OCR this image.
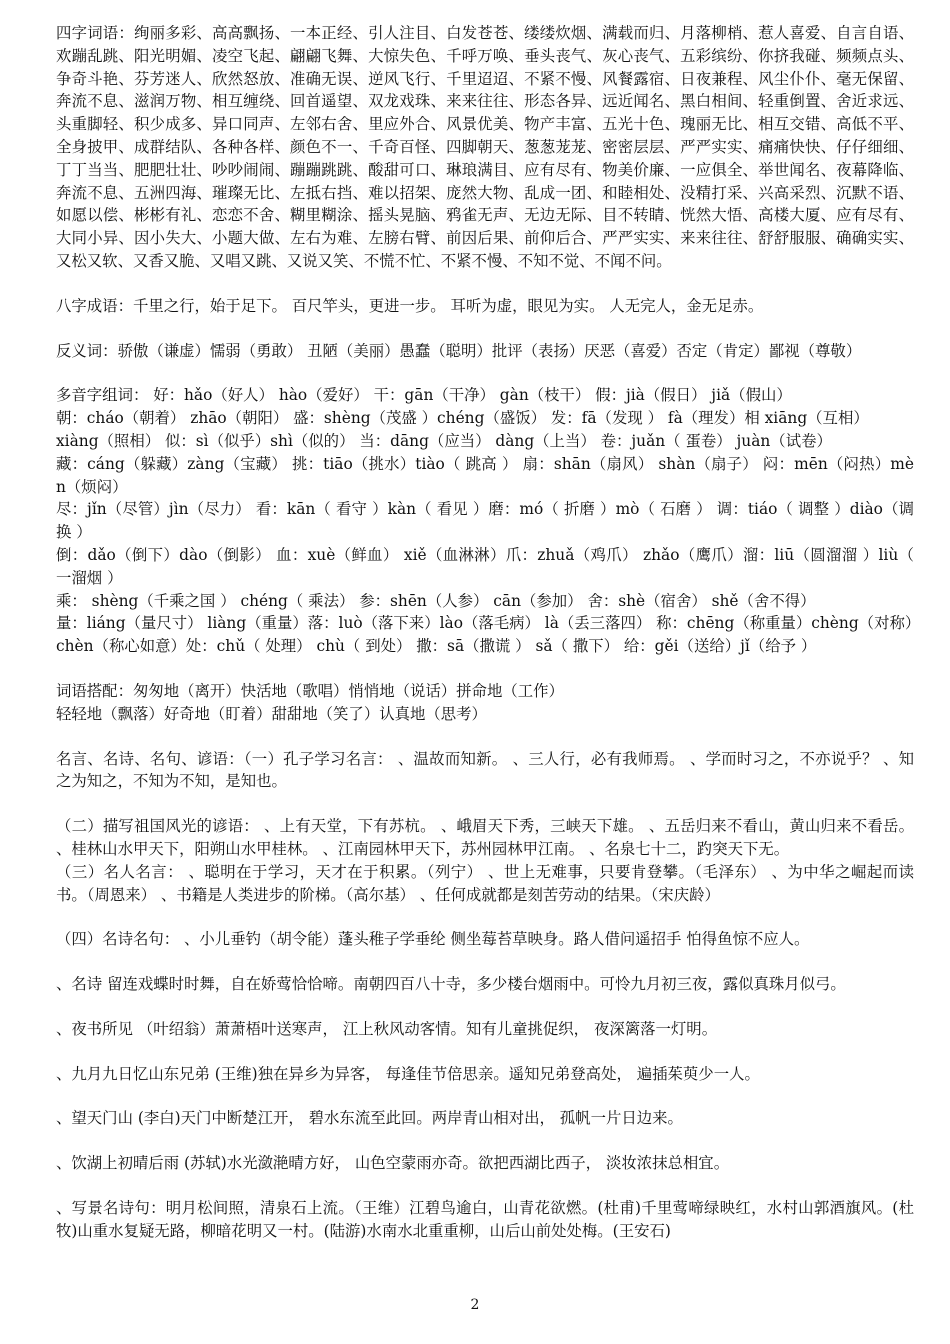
四字词语：绚丽多彩、高高飘扬、一本正经、引人注目、白发苍苍、缕缕炊烟、满载而归、月落柳梢、惹人喜爱、自言自语、欢蹦乱跳、阳光明媚、凌空飞起、翩翩飞舞、大惊失色、千呼万唤、垂头丧气、灰心丧气、五彩缤纷、你挤我碰、频频点头、争奇斗艳、芬芳迷人、欣然怒放、准确无误、逆风飞行、千里迢迢、不紧不慢、风餐露宿、日夜兼程、风尘仆仆、毫无保留、奔流不息、滋润万物、相互缠绕、回首遥望、双龙戏珠、来来往往、形态各异、远近闻名、黑白相间、轻重倒置、舍近求远、头重脚轻、积少成多、异口同声、左邻右舍、里应外合、风景优美、物产丰富、五光十色、瑰丽无比、相互交错、高低不平、全身披甲、成群结队、各种各样、颜色不一、千奇百怪、四脚朝天、葱葱茏茏、密密层层、严严实实、痛痛快快、仔仔细细、丁丁当当、肥肥壮壮、吵吵闹闹、蹦蹦跳跳、酸甜可口、琳琅满目、应有尽有、物美价廉、一应俱全、举世闻名、夜幕降临、奔流不息、五洲四海、璀璨无比、左抵右挡、难以招架、庞然大物、乱成一团、和睦相处、没精打采、兴高采烈、沉默不语、如愿以偿、彬彬有礼、恋恋不舍、糊里糊涂、摇头晃脑、鸦雀无声、无边无际、目不转睛、恍然大悟、高楼大厦、应有尽有、大同小异、因小失大、小题大做、左右为难、左膀右臂、前因后果、前仰后合、严严实实、来来往往、舒舒服服、确确实实、又松又软、又香又脆、又唱又跳、又说又笑、不慌不忙、不紧不慢、不知不觉、不闻不问。

八字成语：千里之行，始于足下。 百尺竿头，更进一步。 耳听为虚，眼见为实。 人无完人，金无足赤。

反义词：骄傲（谦虚）懦弱（勇敢） 丑陋（美丽）愚蠢（聪明）批评（表扬）厌恶（喜爱）否定（肯定）鄙视（尊敬）

多音字组词： 好：hǎo（好人） hào（爱好） 干：gān（干净） gàn（枝干） 假：jià（假日） jiǎ（假山）
朝：cháo（朝着） zhāo（朝阳） 盛：shèng（茂盛 ）chéng（盛饭） 发：fā（发现 ） fà（理发）相 xiāng（互相）
xiàng（照相） 似：sì（似乎）shì（似的） 当：dāng（应当） dàng（上当） 卷：juǎn（ 蛋卷） juàn（试卷）
藏：cáng（躲藏）zàng（宝藏） 挑：tiāo（挑水）tiào（ 跳高 ） 扇：shān（扇风） shàn（扇子） 闷：mēn（闷热）mèn（烦闷）
尽：jǐn（尽管）jìn（尽力） 看：kān（ 看守 ）kàn（ 看见 ）磨：mó（ 折磨 ）mò（ 石磨 ） 调：tiáo（ 调整 ）diào（调换 ）
倒：dǎo（倒下）dào（倒影） 血：xuè（鲜血） xiě（血淋淋）爪：zhuǎ（鸡爪） zhǎo（鹰爪）溜：liū（圆溜溜 ）liù（ 一溜烟 ）
乘： shèng（千乘之国 ） chéng（ 乘法） 参：shēn（人参） cān（参加） 舍：shè（宿舍） shě（舍不得）
量：liáng（量尺寸） liàng（重量）落：luò（落下来）lào（落毛病） là（丢三落四） 称：chēng（称重量）chèng（对称）
chèn（称心如意）处：chǔ（ 处理） chù（ 到处） 撒：sā（撒谎 ） sǎ（ 撒下） 给：gěi（送给）jǐ（给予 ）

词语搭配：匆匆地（离开）快活地（歌唱）悄悄地（说话）拼命地（工作）
轻轻地（飘落）好奇地（盯着）甜甜地（笑了）认真地（思考）

名言、名诗、名句、谚语：（一）孔子学习名言： 、温故而知新。 、三人行，必有我师焉。 、学而时习之，不亦说乎？ 、知之为知之，不知为不知，是知也。

（二）描写祖国风光的谚语： 、上有天堂，下有苏杭。 、峨眉天下秀，三峡天下雄。 、五岳归来不看山，黄山归来不看岳。 、桂林山水甲天下，阳朔山水甲桂林。 、江南园林甲天下，苏州园林甲江南。 、名泉七十二，趵突天下无。

（三）名人名言： 、聪明在于学习，天才在于积累。（列宁） 、世上无难事，只要肯登攀。（毛泽东） 、为中华之崛起而读书。（周恩来） 、书籍是人类进步的阶梯。（高尔基） 、任何成就都是刻苦劳动的结果。（宋庆龄）

（四）名诗名句： 、小儿垂钓（胡令能）蓬头稚子学垂纶 侧坐莓苔草映身。路人借问遥招手 怕得鱼惊不应人。

、名诗 留连戏蝶时时舞，自在娇莺恰恰啼。南朝四百八十寺，多少楼台烟雨中。可怜九月初三夜，露似真珠月似弓。

、夜书所见 （叶绍翁）萧萧梧叶送寒声， 江上秋风动客情。知有儿童挑促织， 夜深篱落一灯明。

、九月九日忆山东兄弟 (王维)独在异乡为异客， 每逢佳节倍思亲。遥知兄弟登高处， 遍插茱萸少一人。

、望天门山 (李白)天门中断楚江开， 碧水东流至此回。两岸青山相对出， 孤帆一片日边来。

、饮湖上初晴后雨 (苏轼)水光潋滟晴方好， 山色空蒙雨亦奇。欲把西湖比西子， 淡妆浓抹总相宜。

、写景名诗句：明月松间照，清泉石上流。（王维）江碧鸟逾白，山青花欲燃。(杜甫)千里莺啼绿映红，水村山郭酒旗风。(杜牧)山重水复疑无路，柳暗花明又一村。(陆游)水南水北重重柳，山后山前处处梅。(王安石)

2
